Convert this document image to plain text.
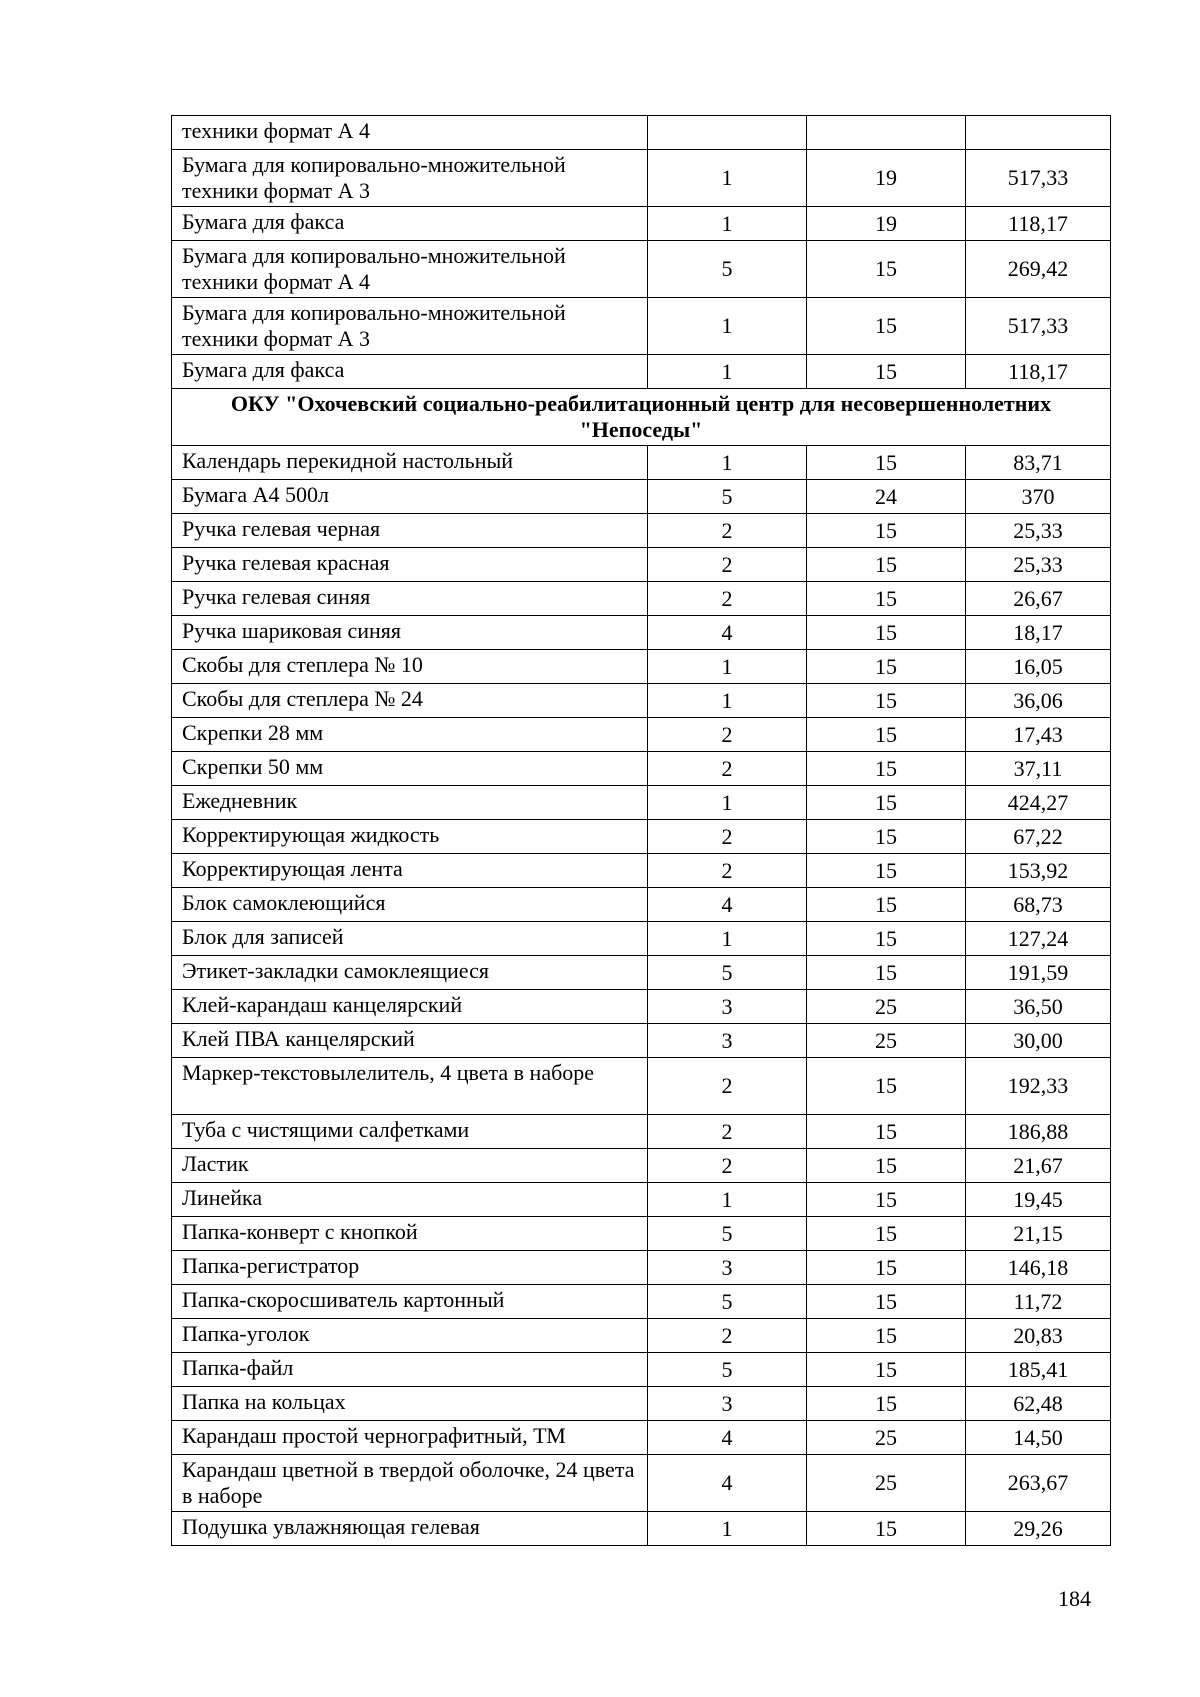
техники формат А 4			
Бумага для копировально-множительной техники формат А 3	1	19	517,33
Бумага для факса	1	19	118,17
Бумага для копировально-множительной техники формат А 4	5	15	269,42
Бумага для копировально-множительной техники формат А 3	1	15	517,33
Бумага для факса	1	15	118,17
ОКУ "Охочевский социально-реабилитационный центр для несовершеннолетних "Непоседы"			
Календарь перекидной настольный	1	15	83,71
Бумага А4 500л	5	24	370
Ручка гелевая черная	2	15	25,33
Ручка гелевая красная	2	15	25,33
Ручка гелевая синяя	2	15	26,67
Ручка шариковая синяя	4	15	18,17
Скобы для степлера № 10	1	15	16,05
Скобы для степлера № 24	1	15	36,06
Скрепки 28 мм	2	15	17,43
Скрепки 50 мм	2	15	37,11
Ежедневник	1	15	424,27
Корректирующая жидкость	2	15	67,22
Корректирующая лента	2	15	153,92
Блок самоклеющийся	4	15	68,73
Блок для записей	1	15	127,24
Этикет-закладки самоклеящиеся	5	15	191,59
Клей-карандаш канцелярский	3	25	36,50
Клей ПВА канцелярский	3	25	30,00
Маркер-текстовылелитель, 4 цвета в наборе	2	15	192,33
Туба с чистящими салфетками	2	15	186,88
Ластик	2	15	21,67
Линейка	1	15	19,45
Папка-конверт с кнопкой	5	15	21,15
Папка-регистратор	3	15	146,18
Папка-скоросшиватель картонный	5	15	11,72
Папка-уголок	2	15	20,83
Папка-файл	5	15	185,41
Папка на кольцах	3	15	62,48
Карандаш простой чернографитный, ТМ	4	25	14,50
Карандаш цветной в твердой оболочке, 24 цвета в наборе	4	25	263,67
Подушка увлажняющая гелевая	1	15	29,26
184
